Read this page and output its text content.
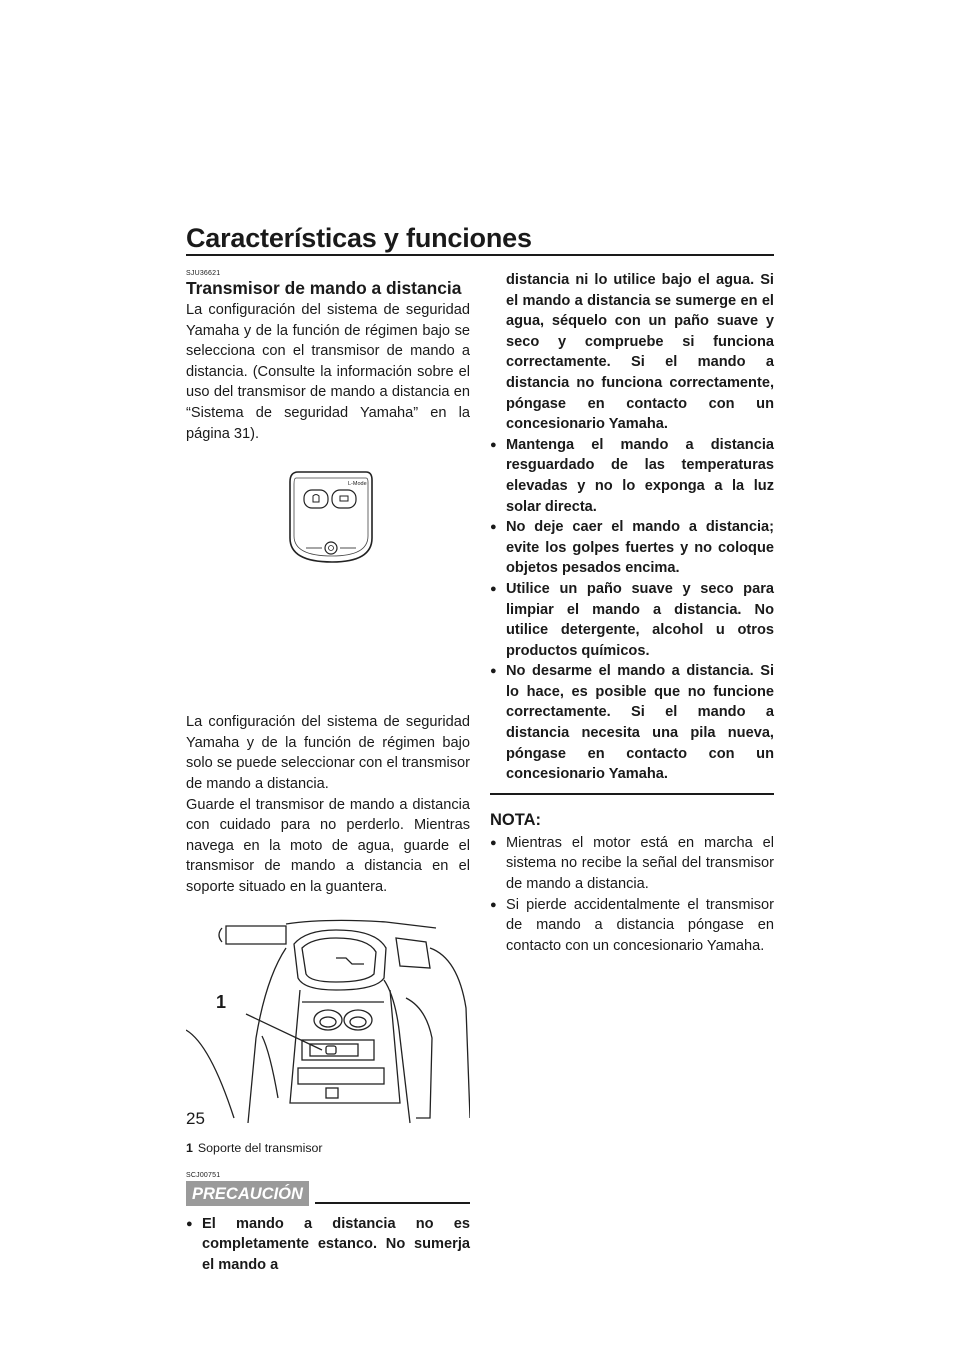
Características y funciones
SJU36621
Transmisor de mando a distancia

La configuración del sistema de seguridad Yamaha y de la función de régimen bajo se selecciona con el transmisor de mando a distancia. (Consulte la información sobre el uso del transmisor de mando a distancia en “Sistema de seguridad Yamaha” en la página 31).

L-Mode

La configuración del sistema de seguridad Yamaha y de la función de régimen bajo solo se puede seleccionar con el transmisor de mando a distancia.

Guarde el transmisor de mando a distancia con cuidado para no perderlo. Mientras navega en la moto de agua, guarde el transmisor de mando a distancia en el soporte situado en la guantera.

1
1 Soporte del transmisor
SCJ00751
PRECAUCIÓN
● El mando a distancia no es completamente estanco. No sumerja el mando a
distancia ni lo utilice bajo el agua. Si el mando a distancia se sumerge en el agua, séquelo con un paño suave y seco y compruebe si funciona correctamente. Si el mando a distancia no funciona correctamente, póngase en contacto con un concesionario Yamaha.
● Mantenga el mando a distancia resguardado de las temperaturas elevadas y no lo exponga a la luz solar directa.
● No deje caer el mando a distancia; evite los golpes fuertes y no coloque objetos pesados encima.
● Utilice un paño suave y seco para limpiar el mando a distancia. No utilice detergente, alcohol u otros productos químicos.
● No desarme el mando a distancia. Si lo hace, es posible que no funcione correctamente. Si el mando a distancia necesita una pila nueva, póngase en contacto con un concesionario Yamaha.
NOTA:
● Mientras el motor está en marcha el sistema no recibe la señal del transmisor de mando a distancia.
● Si pierde accidentalmente el transmisor de mando a distancia póngase en contacto con un concesionario Yamaha.
25
